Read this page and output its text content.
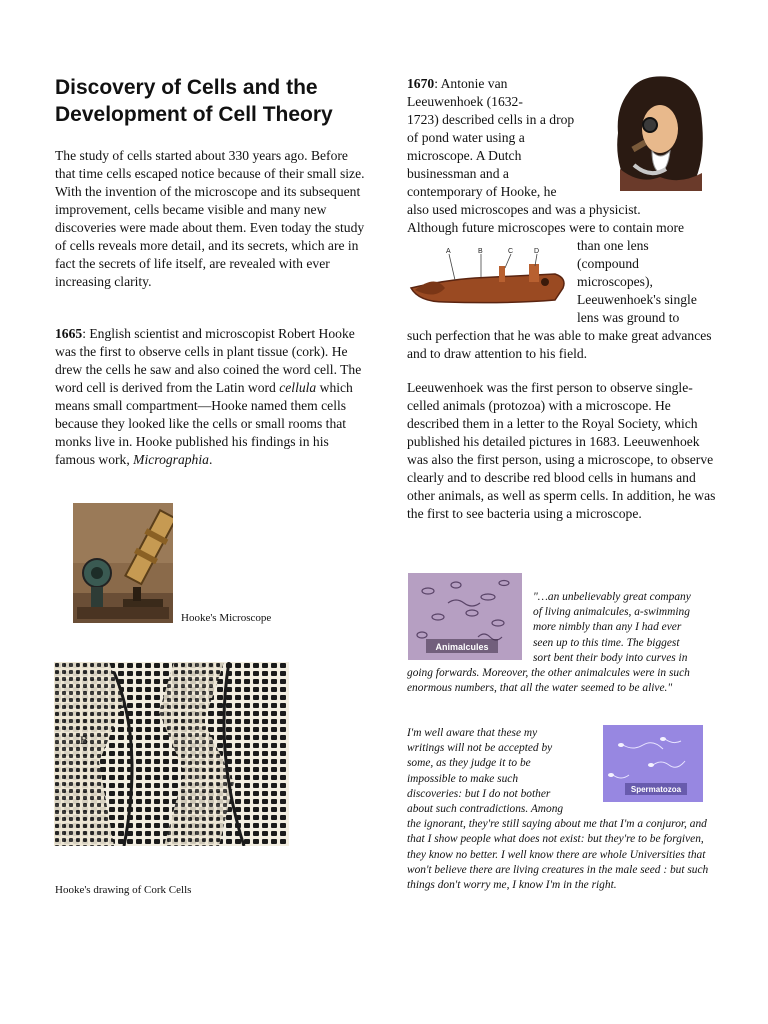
Discovery of Cells and the Development of Cell Theory
The study of cells started about 330 years ago. Before that time cells escaped notice because of their small size. With the invention of the microscope and its subsequent improvement, cells became visible and many new discoveries were made about them. Even today the study of cells reveals more detail, and its secrets, which are in fact the secrets of life itself, are revealed with ever increasing clarity.
1665: English scientist and microscopist Robert Hooke was the first to observe cells in plant tissue (cork). He drew the cells he saw and also coined the word cell. The word cell is derived from the Latin word cellula which means small compartment—Hooke named them cells because they looked like the cells or small rooms that monks live in. Hooke published his findings in his famous work, Micrographia.
Hooke's Microscope
B
Hooke's drawing of Cork Cells
1670: Antonie van
Leeuwenhoek (1632-
1723) described cells in a drop
of pond water using a
microscope. A Dutch
businessman and a
contemporary of Hooke, he
also used microscopes and was a physicist.
Although future microscopes were to contain more
than one lens
(compound
microscopes),
Leeuwenhoek's single
lens was ground to
such perfection that he was able to make great advances and to draw attention to his field.
A	B	C	D
Leeuwenhoek was the first person to observe single-celled animals (protozoa) with a microscope. He described them in a letter to the Royal Society, which published his detailed pictures in 1683. Leeuwenhoek was also the first person, using a microscope, to observe clearly and to describe red blood cells in humans and other animals, as well as sperm cells. In addition, he was the first to see bacteria using a microscope.
Animalcules
"…an unbelievably great company
of living animalcules, a-swimming
more nimbly than any I had ever
seen up to this time. The biggest
sort bent their body into curves in
going forwards. Moreover, the other animalcules were in such enormous numbers, that all the water seemed to be alive."
Spermatozoa
I'm well aware that these my
writings will not be accepted by
some, as they judge it to be
impossible to make such
discoveries: but I do not bother
about such contradictions. Among
the ignorant, they're still saying about me that I'm a conjuror, and that I show people what does not exist: but they're to be forgiven, they know no better. I well know there are whole Universities that won't believe there are living creatures in the male seed : but such things don't worry me, I know I'm in the right.
